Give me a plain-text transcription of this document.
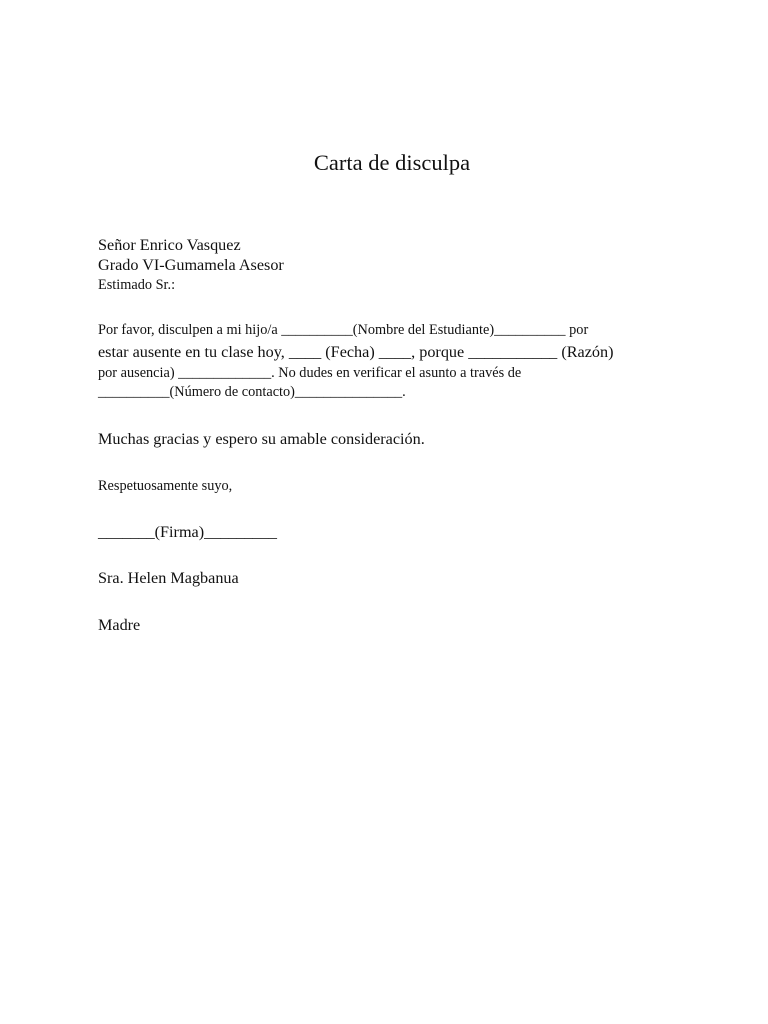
Carta de disculpa
Señor Enrico Vasquez
Grado VI-Gumamela Asesor
Estimado Sr.:
Por favor, disculpen a mi hijo/a __________(Nombre del Estudiante)__________ por
estar ausente en tu clase hoy, ____ (Fecha) ____, porque ___________ (Razón)
por ausencia) _____________. No dudes en verificar el asunto a través de
__________(Número de contacto)_______________.
Muchas gracias y espero su amable consideración.
Respetuosamente suyo,
_______(Firma)_________
Sra. Helen Magbanua
Madre
